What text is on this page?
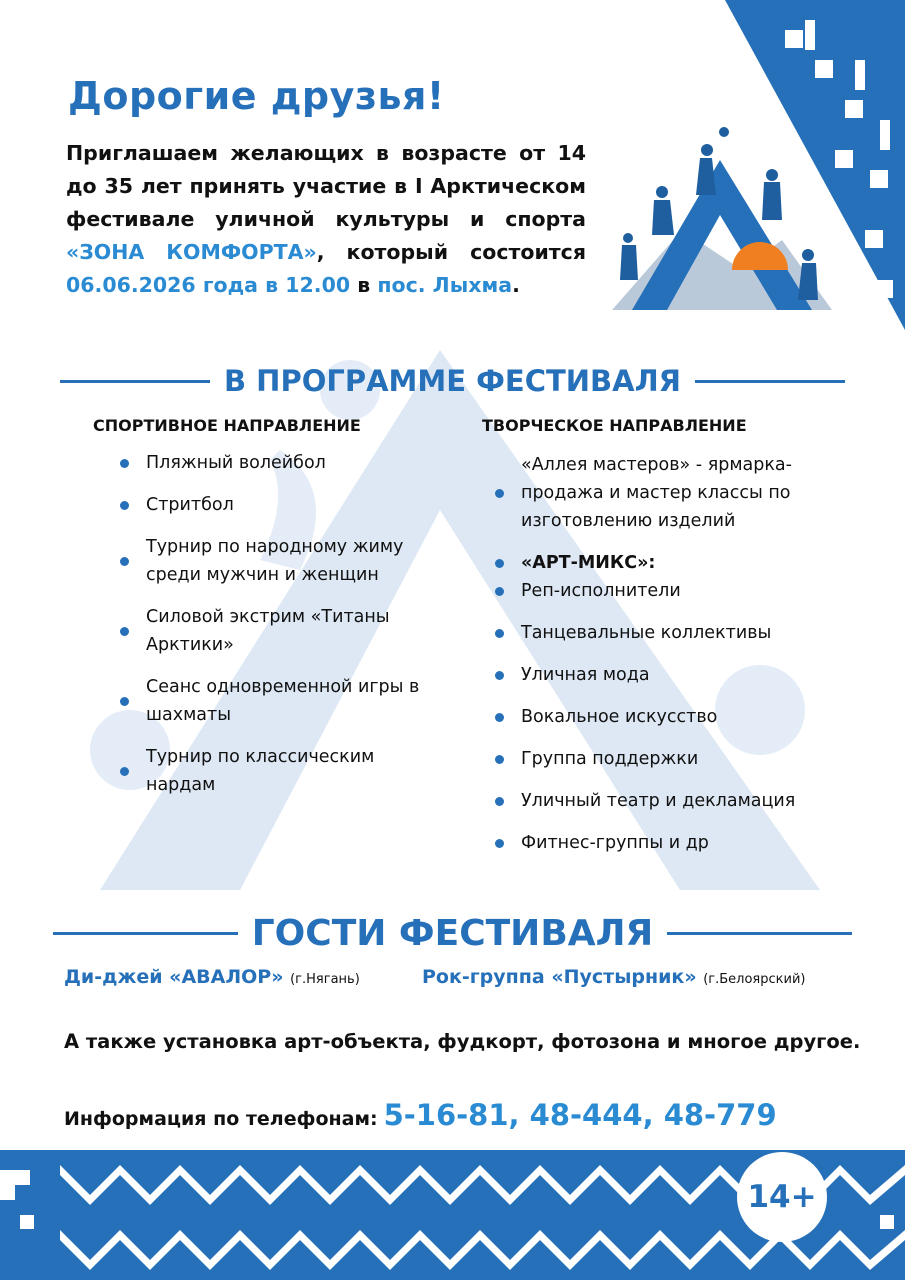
Дорогие друзья!

Приглашаем желающих в возрасте от 14 до 35 лет принять участие в I Арктическом фестивале уличной культуры и спорта «ЗОНА КОМФОРТА», который состоится 06.06.2026 года в 12.00 в пос. Лыхма.

В ПРОГРАММЕ ФЕСТИВАЛЯ
СПОРТИВНОЕ НАПРАВЛЕНИЕ	ТВОРЧЕСКОЕ НАПРАВЛЕНИЕ
Пляжный волейбол
Стритбол
Турнир по народному жиму среди мужчин и женщин
Силовой экстрим «Титаны Арктики»
Сеанс одновременной игры в шахматы
Турнир по классическим нардам
«Аллея мастеров» - ярмарка-продажа и мастер классы по изготовлению изделий
«АРТ-МИКС»:
Реп-исполнители
Танцевальные коллективы
Уличная мода
Вокальное искусство
Группа поддержки
Уличный театр и декламация
Фитнес-группы и др
ГОСТИ ФЕСТИВАЛЯ
Ди-джей «АВАЛОР» (г.Нягань)	Рок-группа «Пустырник» (г.Белоярский)
А также установка арт-объекта, фудкорт, фотозона и многое другое.
Информация по телефонам: 5-16-81, 48-444, 48-779
14+
